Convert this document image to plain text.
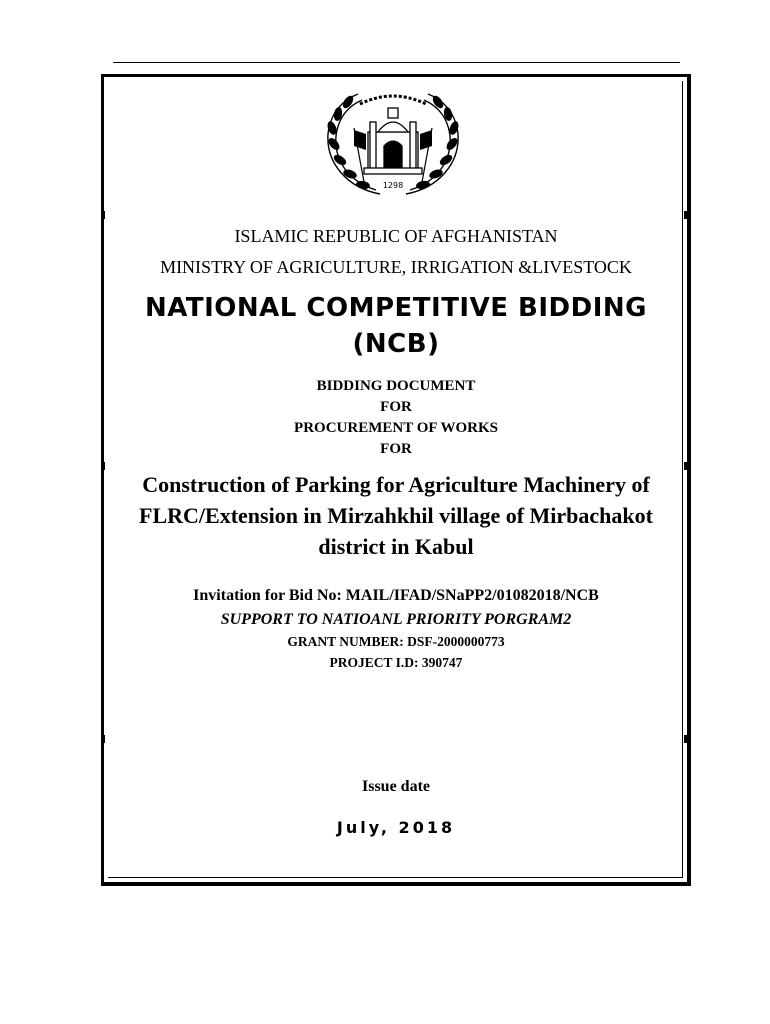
1298
ISLAMIC REPUBLIC OF AFGHANISTAN
MINISTRY OF AGRICULTURE, IRRIGATION &LIVESTOCK
NATIONAL COMPETITIVE BIDDING
(NCB)
BIDDING DOCUMENT
FOR
PROCUREMENT OF WORKS
FOR
Construction of Parking for Agriculture Machinery of FLRC/Extension in Mirzahkhil village of Mirbachakot district in Kabul
Invitation for Bid No: MAIL/IFAD/SNaPP2/01082018/NCB
SUPPORT TO NATIOANL PRIORITY PORGRAM2
GRANT NUMBER: DSF-2000000773
PROJECT I.D: 390747
Issue date
July, 2018
